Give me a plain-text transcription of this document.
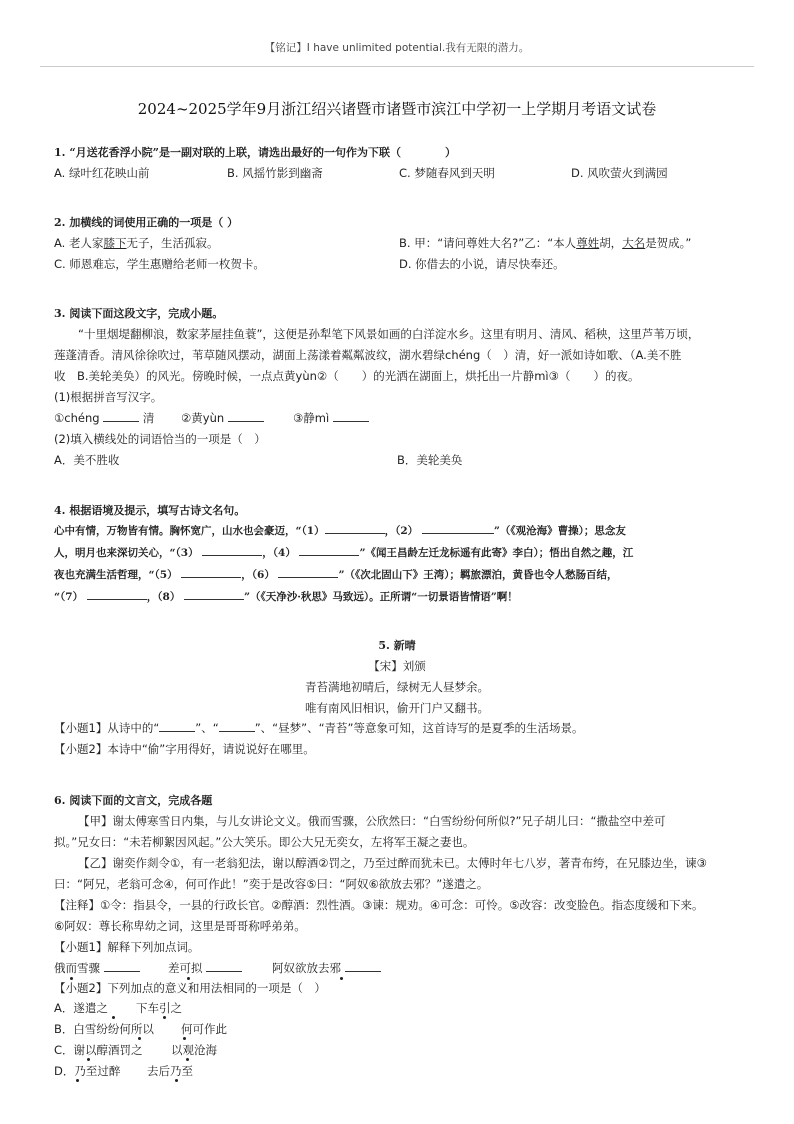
【铭记】I have unlimited potential.我有无限的潜力。
2024~2025学年9月浙江绍兴诸暨市诸暨市滨江中学初一上学期月考语文试卷
1. “月送花香浮小院”是一副对联的上联，请选出最好的一句作为下联（　　　　）
A. 绿叶红花映山前	B. 风摇竹影到幽斋	C. 梦随春风到天明	D. 风吹萤火到满园
2. 加横线的词使用正确的一项是（ ）
A. 老人家膝下无子，生活孤寂。	B. 甲：“请问尊姓大名?”乙：“本人尊姓胡，大名是贺成。”
C. 师恩难忘，学生惠赠给老师一枚贺卡。	D. 你借去的小说，请尽快奉还。
3. 阅读下面这段文字，完成小题。
“十里烟堤翻柳浪，数家茅屋挂鱼蓑”，这便是孙犁笔下风景如画的白洋淀水乡。这里有明月、清风、稻秧，这里芦苇万顷，
莲蓬清香。清风徐徐吹过，苇草随风摆动，湖面上荡漾着粼粼波纹，湖水碧绿chéng（　）清，好一派如诗如歌、（A.美不胜
收　B.美轮美奂）的风光。傍晚时候，一点点黄yùn②（　　）的光洒在湖面上，烘托出一片静mì③（　　）的夜。
(1)根据拼音写汉字。
①chéng	清 ②黄yùn	③静mì
(2)填入横线处的词语恰当的一项是（　）
A．美不胜收	B．美轮美奂
4. 根据语境及提示，填写古诗文名句。
心中有情，万物皆有情。胸怀宽广，山水也会豪迈，“（1）	，（2）	”（《观沧海》曹操）；思念友
人，明月也来深切关心，“（3）	，（4）	”《闻王昌龄左迁龙标遥有此寄》李白）；悟出自然之趣，江
夜也充满生活哲理，“（5）	，（6）	”（《次北固山下》王湾）；羁旅漂泊，黄昏也令人愁肠百结，
“（7）	，（8）	”（《天净沙·秋思》马致远）。正所谓“一切景语皆情语”啊！
5. 新晴
【宋】刘颁
青苔满地初晴后，绿树无人昼梦余。
唯有南风旧相识，偷开门户又翻书。
【小题1】从诗中的“	”、“	”、“昼梦”、“青苔”等意象可知，这首诗写的是夏季的生活场景。
【小题2】本诗中“偷”字用得好，请说说好在哪里。
6. 阅读下面的文言文，完成各题
【甲】谢太傅寒雪日内集，与儿女讲论文义。俄而雪骤，公欣然曰：“白雪纷纷何所似?”兄子胡儿曰：“撒盐空中差可
拟。”兄女曰：“未若柳絮因风起。”公大笑乐。即公大兄无奕女，左将军王凝之妻也。
【乙】谢奕作剡令①，有一老翁犯法，谢以醇酒②罚之，乃至过醉而犹未已。太傅时年七八岁，著青布绔，在兄膝边坐，谏③
曰：“阿兄，老翁可念④，何可作此！”奕于是改容⑤曰：“阿奴⑥欲放去邪？”遂遣之。
【注释】①令：指县令，一县的行政长官。②醇酒：烈性酒。③谏：规劝。④可念：可怜。⑤改容：改变脸色。指态度缓和下来。
⑥阿奴：尊长称卑幼之词，这里是哥哥称呼弟弟。
【小题1】解释下列加点词。
俄而雪骤	差可拟	阿奴欲放去邪
【小题2】下列加点的意义和用法相同的一项是（　）
A．遂遣之 下车引之
B．白雪纷纷何所以 何可作此
C．谢以醇酒罚之 以观沧海
D．乃至过醉 去后乃至
